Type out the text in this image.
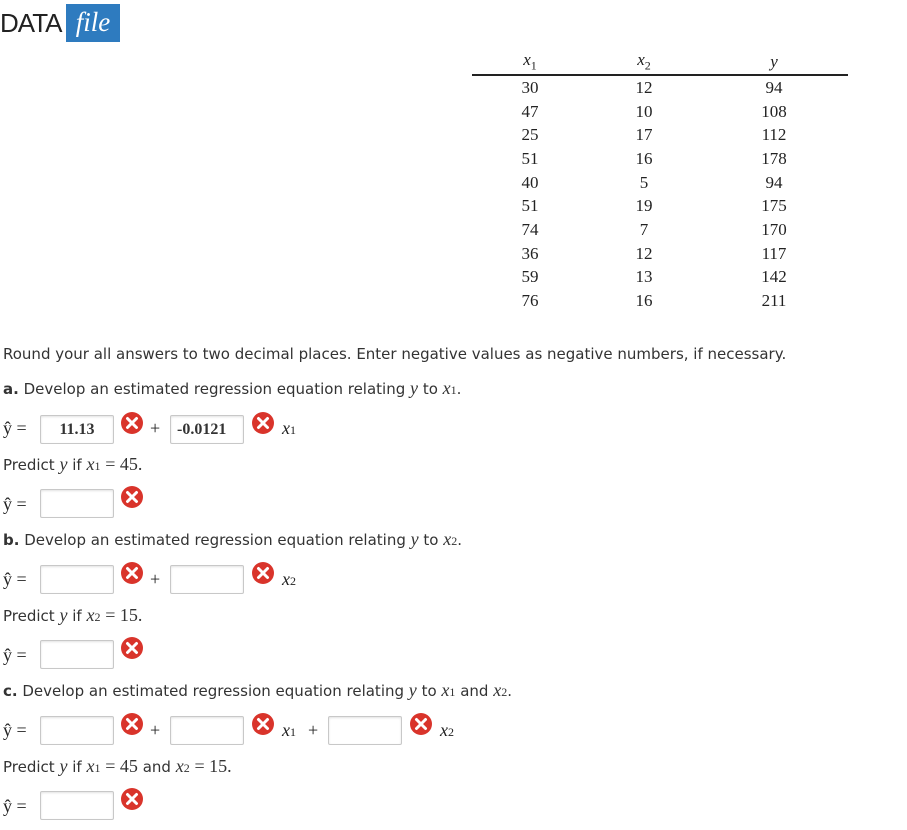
DATA file
$x_1$	$x_2$	y
30	12	94
47	10	108
25	17	112
51	16	178
40	5	94
51	19	175
74	7	170
36	12	117
59	13	142
76	16	211
Round your all answers to two decimal places. Enter negative values as negative numbers, if necessary.
a. Develop an estimated regression equation relating y to x1.
ŷ =	11.13	+	-0.0121	x1
Predict y if x1 = 45.
ŷ =
b. Develop an estimated regression equation relating y to x2.
ŷ =	+	x2
Predict y if x2 = 15.
ŷ =
c. Develop an estimated regression equation relating y to x1 and x2.
ŷ =	+	x1 +	x2
Predict y if x1 = 45 and x2 = 15.
ŷ =
